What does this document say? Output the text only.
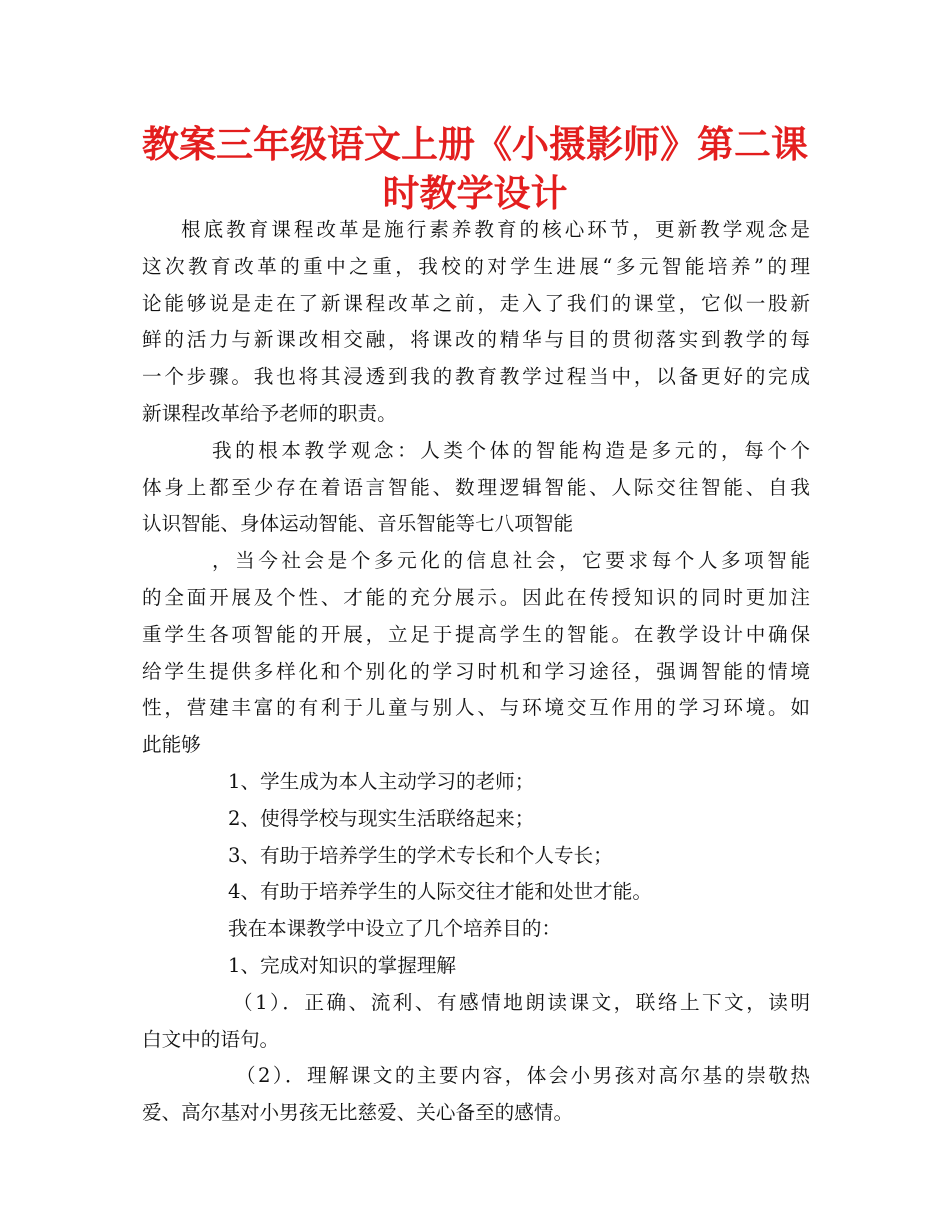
教案三年级语文上册《小摄影师》第二课
时教学设计
根底教育课程改革是施行素养教育的核心环节，更新教学观念是
这次教育改革的重中之重，我校的对学生进展“多元智能培养”的理
论能够说是走在了新课程改革之前，走入了我们的课堂，它似一股新
鲜的活力与新课改相交融，将课改的精华与目的贯彻落实到教学的每
一个步骤。我也将其浸透到我的教育教学过程当中，以备更好的完成
新课程改革给予老师的职责。
我的根本教学观念：人类个体的智能构造是多元的，每个个
体身上都至少存在着语言智能、数理逻辑智能、人际交往智能、自我
认识智能、身体运动智能、音乐智能等七八项智能
，当今社会是个多元化的信息社会，它要求每个人多项智能
的全面开展及个性、才能的充分展示。因此在传授知识的同时更加注
重学生各项智能的开展，立足于提高学生的智能。在教学设计中确保
给学生提供多样化和个别化的学习时机和学习途径，强调智能的情境
性，营建丰富的有利于儿童与别人、与环境交互作用的学习环境。如
此能够
1、学生成为本人主动学习的老师；
2、使得学校与现实生活联络起来；
3、有助于培养学生的学术专长和个人专长；
4、有助于培养学生的人际交往才能和处世才能。
我在本课教学中设立了几个培养目的：
1、完成对知识的掌握理解
（1）．正确、流利、有感情地朗读课文，联络上下文，读明
白文中的语句。
（2）．理解课文的主要内容，体会小男孩对高尔基的崇敬热
爱、高尔基对小男孩无比慈爱、关心备至的感情。
